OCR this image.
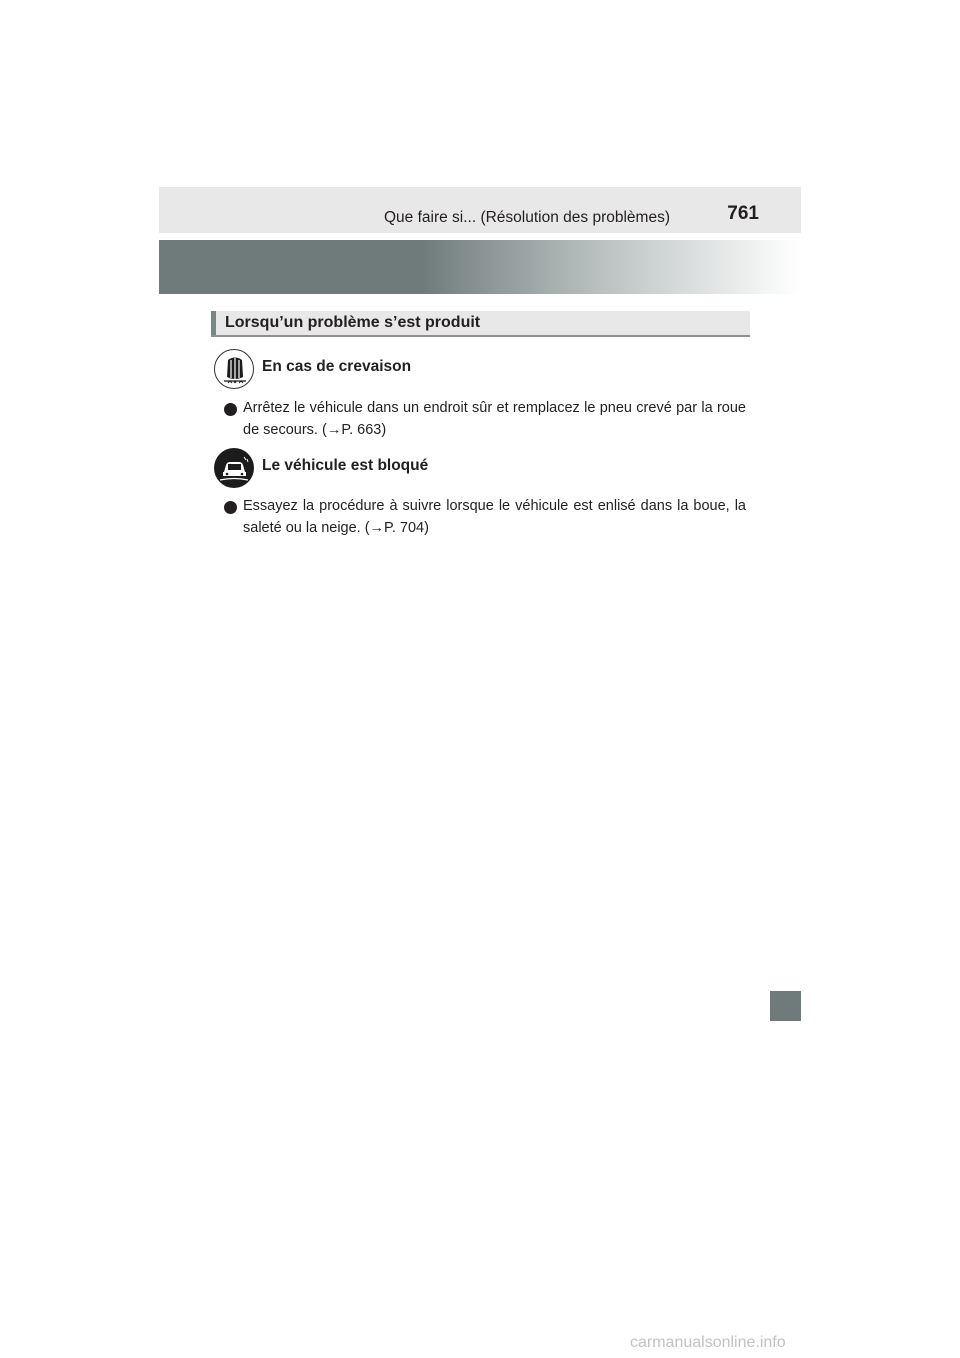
Que faire si... (Résolution des problèmes)	761
Lorsqu’un problème s’est produit
En cas de crevaison
Arrêtez le véhicule dans un endroit sûr et remplacez le pneu crevé par la roue de secours. (→P. 663)
Le véhicule est bloqué
Essayez la procédure à suivre lorsque le véhicule est enlisé dans la boue, la saleté ou la neige. (→P. 704)
carmanualsonline.info
